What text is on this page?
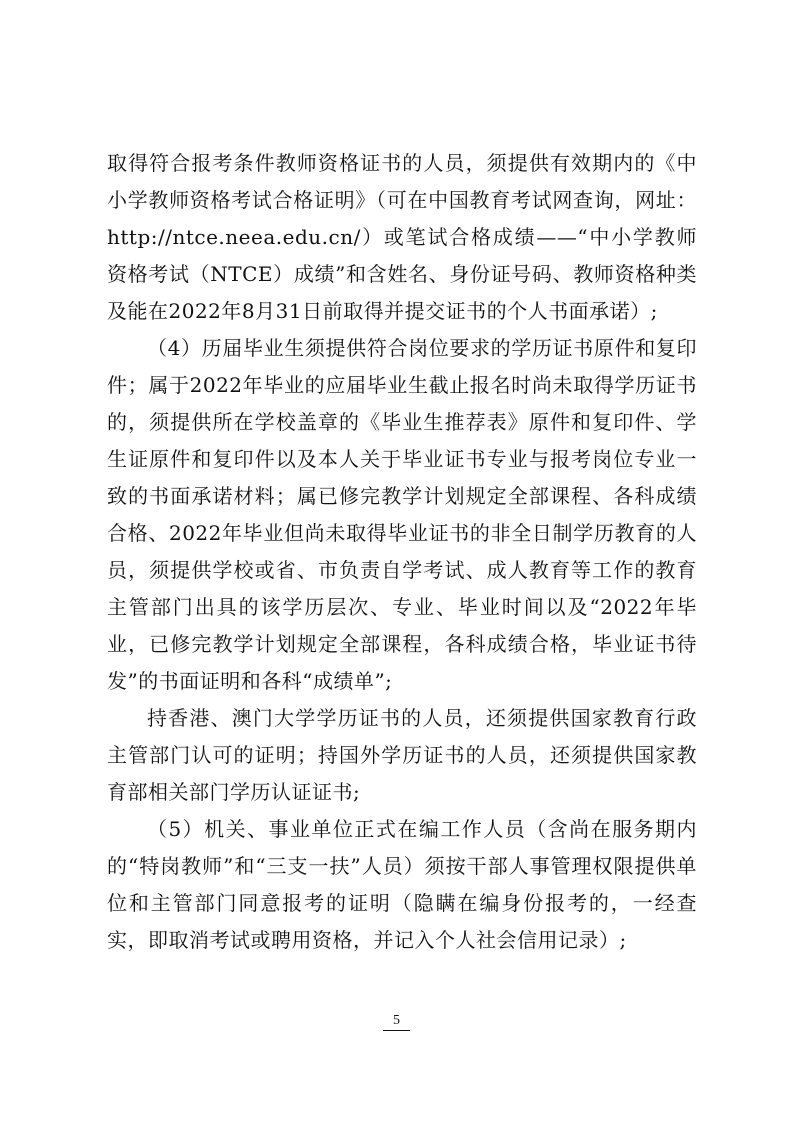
取得符合报考条件教师资格证书的人员，须提供有效期内的《中小学教师资格考试合格证明》（可在中国教育考试网查询，网址：http://ntce.neea.edu.cn/）或笔试合格成绩——“中小学教师资格考试（NTCE）成绩”和含姓名、身份证号码、教师资格种类及能在2022年8月31日前取得并提交证书的个人书面承诺）;

（4）历届毕业生须提供符合岗位要求的学历证书原件和复印件；属于2022年毕业的应届毕业生截止报名时尚未取得学历证书的，须提供所在学校盖章的《毕业生推荐表》原件和复印件、学生证原件和复印件以及本人关于毕业证书专业与报考岗位专业一致的书面承诺材料；属已修完教学计划规定全部课程、各科成绩合格、2022年毕业但尚未取得毕业证书的非全日制学历教育的人员，须提供学校或省、市负责自学考试、成人教育等工作的教育主管部门出具的该学历层次、专业、毕业时间以及“2022年毕业，已修完教学计划规定全部课程，各科成绩合格，毕业证书待发”的书面证明和各科“成绩单”;

持香港、澳门大学学历证书的人员，还须提供国家教育行政主管部门认可的证明；持国外学历证书的人员，还须提供国家教育部相关部门学历认证证书;

（5）机关、事业单位正式在编工作人员（含尚在服务期内的“特岗教师”和“三支一扶”人员）须按干部人事管理权限提供单位和主管部门同意报考的证明（隐瞒在编身份报考的，一经查实，即取消考试或聘用资格，并记入个人社会信用记录）;

5
